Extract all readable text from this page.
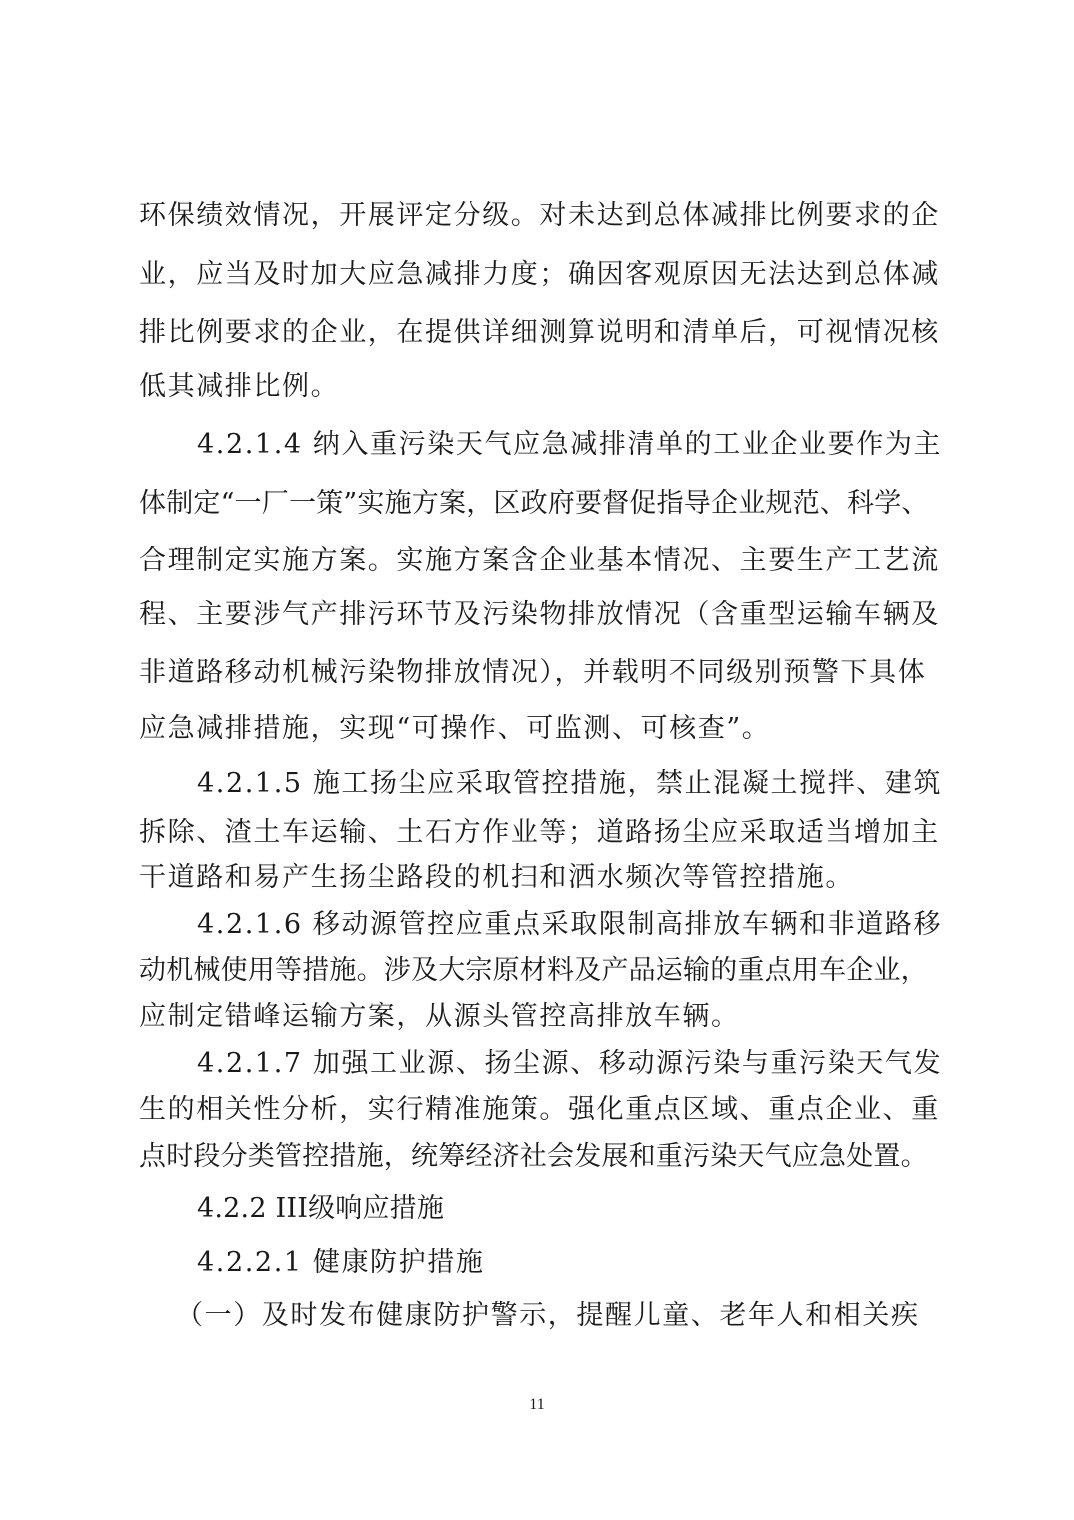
环保绩效情况，开展评定分级。对未达到总体减排比例要求的企
业，应当及时加大应急减排力度；确因客观原因无法达到总体减
排比例要求的企业，在提供详细测算说明和清单后，可视情况核
低其减排比例。
4.2.1.4 纳入重污染天气应急减排清单的工业企业要作为主
体制定“一厂一策”实施方案，区政府要督促指导企业规范、科学、
合理制定实施方案。实施方案含企业基本情况、主要生产工艺流
程、主要涉气产排污环节及污染物排放情况（含重型运输车辆及
非道路移动机械污染物排放情况），并载明不同级别预警下具体
应急减排措施，实现“可操作、可监测、可核查”。
4.2.1.5 施工扬尘应采取管控措施，禁止混凝土搅拌、建筑
拆除、渣土车运输、土石方作业等；道路扬尘应采取适当增加主
干道路和易产生扬尘路段的机扫和洒水频次等管控措施。
4.2.1.6 移动源管控应重点采取限制高排放车辆和非道路移
动机械使用等措施。涉及大宗原材料及产品运输的重点用车企业，
应制定错峰运输方案，从源头管控高排放车辆。
4.2.1.7 加强工业源、扬尘源、移动源污染与重污染天气发
生的相关性分析，实行精准施策。强化重点区域、重点企业、重
点时段分类管控措施，统筹经济社会发展和重污染天气应急处置。
4.2.2 III级响应措施
4.2.2.1 健康防护措施
（一）及时发布健康防护警示，提醒儿童、老年人和相关疾
11
